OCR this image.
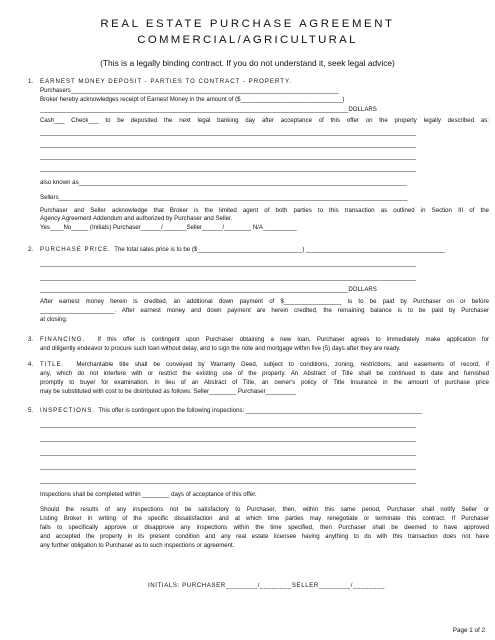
REAL ESTATE PURCHASE AGREEMENT
COMMERCIAL/AGRICULTURAL
(This is a legally binding contract. If you do not understand it, seek legal advice)
1. EARNEST MONEY DEPOSIT - PARTIES TO CONTRACT - PROPERTY.
Purchasers_______________________________________________________________________________
Broker hereby acknowledges receipt of Earnest Money in the amount of ($______________________________)
___________________________________________________________________________________________DOLLARS
Cash___ Check___ to be deposited the next legal banking day after acceptance of this offer on the property legally described as:
_______________________________________________________________________________________________________________
_______________________________________________________________________________________________________________
_______________________________________________________________________________________________________________
_______________________________________________________________________________________________________________
also known as_________________________________________________________________________________________________
Sellers_______________________________________________________________________________________________________
Purchaser and Seller acknowledge that Broker is the limited agent of both parties to this transaction as outlined in Section III of the
Agency Agreement Addendum and authorized by Purchaser and Seller.
Yes____No_____ (Initials) Purchaser______/_______Seller______/________ N/A__________
2. PURCHASE PRICE. The total sales price is to be ($_______________________________) _________________________________________
_______________________________________________________________________________________________________________
_______________________________________________________________________________________________________________
___________________________________________________________________________________________DOLLARS
After earnest money herein is credited, an additional down payment of $_________________ is to be paid by Purchaser on or before
______________________. After earnest money and down payment are herein credited, the remaining balance is to be paid by Purchaser
at closing.
3. FINANCING. If this offer is contingent upon Purchaser obtaining a new loan, Purchaser agrees to immediately make application for
and diligently endeavor to procure such loan without delay, and to sign the note and mortgage within five (5) days after they are ready.
4. TITLE. Merchantable title shall be conveyed by Warranty Deed, subject to conditions, zoning, restrictions, and easements of record, if
any, which do not interfere with or restrict the existing use of the property. An Abstract of Title shall be continued to date and furnished
promptly to buyer for examination. In lieu of an Abstract of Title, an owner's policy of Title Insurance in the amount of purchase price
may be substituted with cost to be distributed as follows: Seller________ Purchaser_________
5. INSPECTIONS. This offer is contingent upon the following inspections: ____________________________________________________
_______________________________________________________________________________________________________________
_______________________________________________________________________________________________________________
_______________________________________________________________________________________________________________
_______________________________________________________________________________________________________________
_______________________________________________________________________________________________________________
Inspections shall be completed within ________ days of acceptance of this offer.
Should the results of any inspections not be satisfactory to Purchaser, then, within this same period, Purchaser shall notify Seller or
Listing Broker in writing of the specific dissatisfaction and at which time parties may renegotiate or terminate this contract. If Purchaser
fails to specifically approve or disapprove any inspections within the time specified, then Purchaser shall be deemed to have approved
and accepted the property in its present condition and any real estate licensee having anything to do with this transaction does not have
any further obligation to Purchaser as to such inspections or agreement.
INITIALS: PURCHASER________/________SELLER________/________
Page 1 of 2
